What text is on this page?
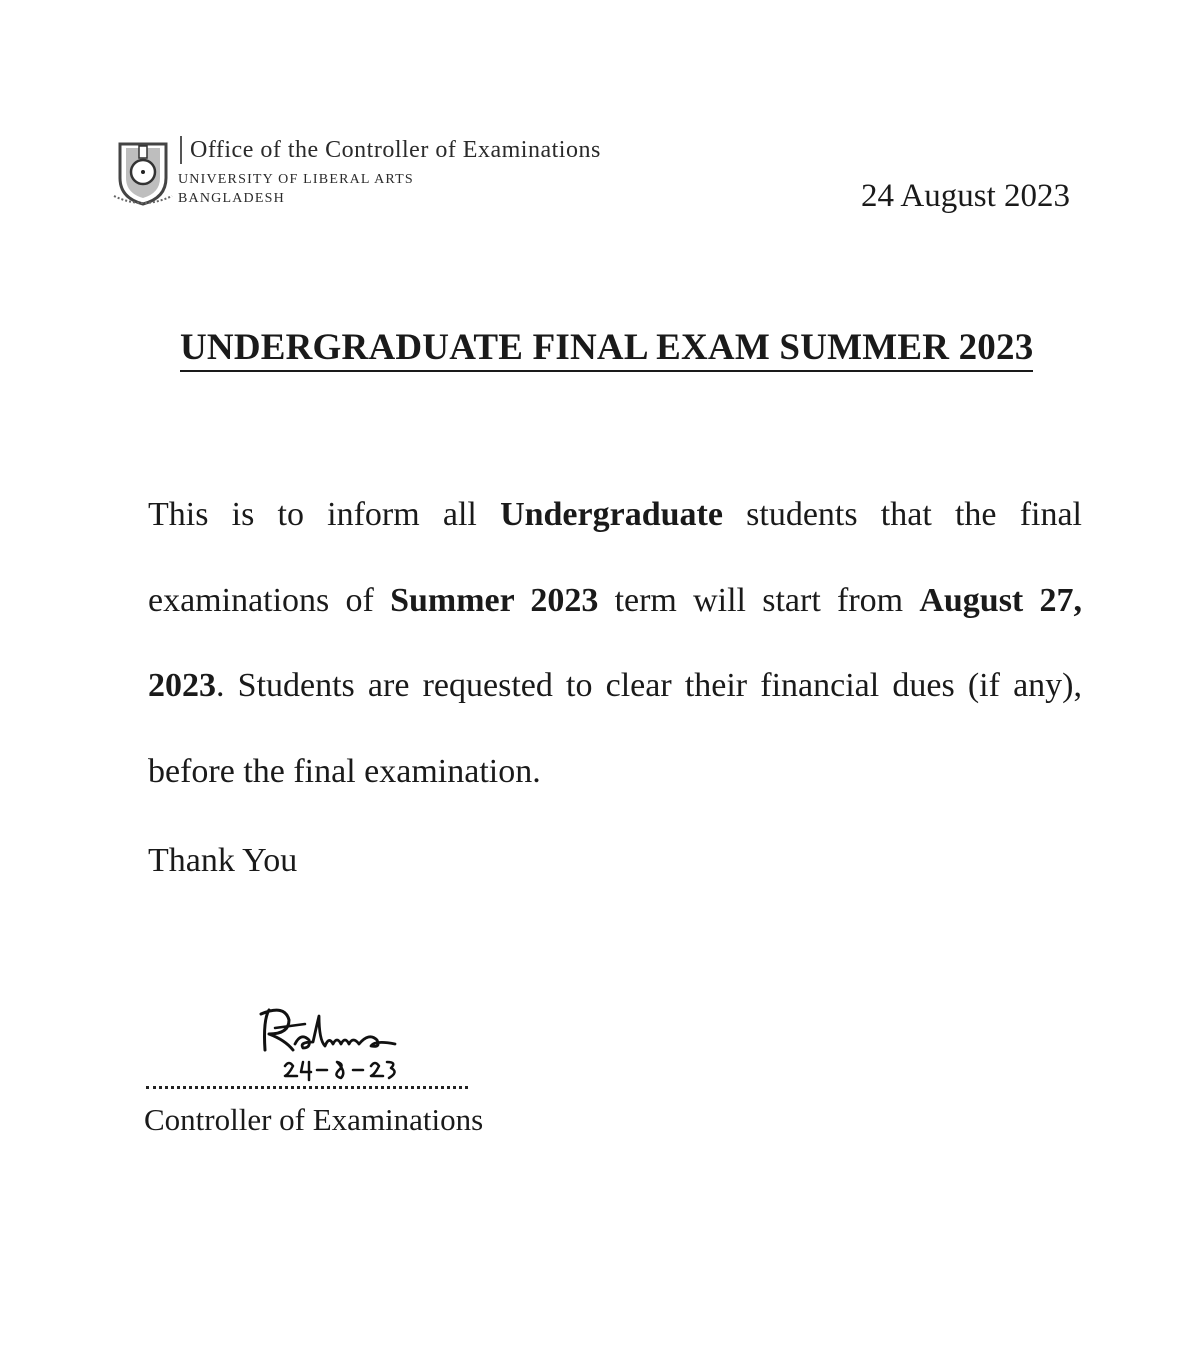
Office of the Controller of Examinations
UNIVERSITY OF LIBERAL ARTS
BANGLADESH	24 August 2023
UNDERGRADUATE FINAL EXAM SUMMER 2023

This is to inform all Undergraduate students that the final examinations of Summer 2023 term will start from August 27, 2023. Students are requested to clear their financial dues (if any), before the final examination.

Thank You
Controller of Examinations
